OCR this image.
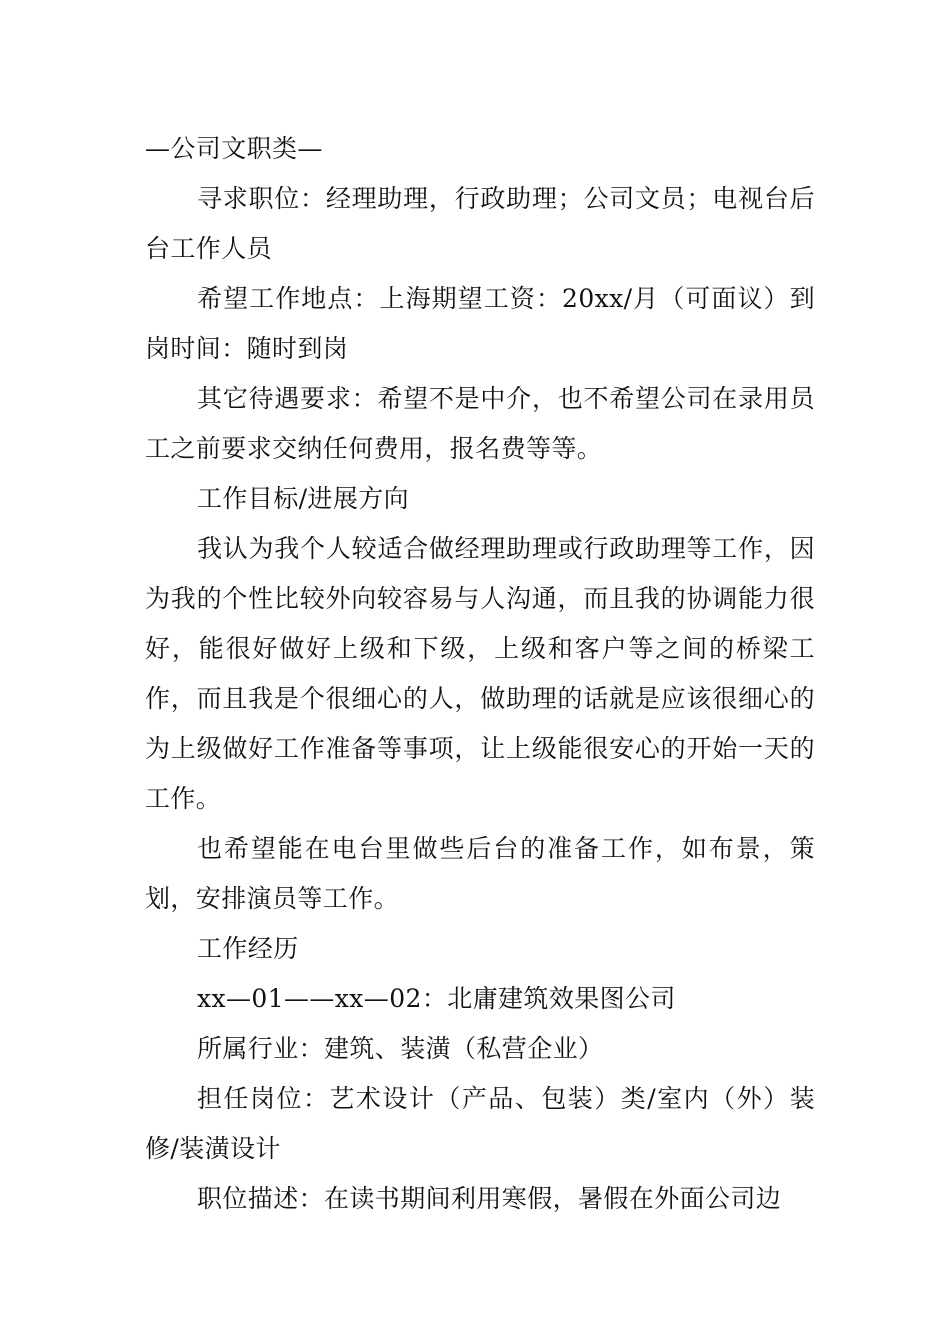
—公司文职类—

寻求职位：经理助理，行政助理；公司文员；电视台后台工作人员

希望工作地点：上海期望工资：20xx/月（可面议）到岗时间：随时到岗

其它待遇要求：希望不是中介，也不希望公司在录用员工之前要求交纳任何费用，报名费等等。

工作目标/进展方向

我认为我个人较适合做经理助理或行政助理等工作，因为我的个性比较外向较容易与人沟通，而且我的协调能力很好，能很好做好上级和下级，上级和客户等之间的桥梁工作，而且我是个很细心的人，做助理的话就是应该很细心的为上级做好工作准备等事项，让上级能很安心的开始一天的工作。

也希望能在电台里做些后台的准备工作，如布景，策划，安排演员等工作。

工作经历

xx—01——xx—02：北庸建筑效果图公司

所属行业：建筑、装潢（私营企业）

担任岗位：艺术设计（产品、包装）类/室内（外）装修/装潢设计

职位描述：在读书期间利用寒假，暑假在外面公司边
